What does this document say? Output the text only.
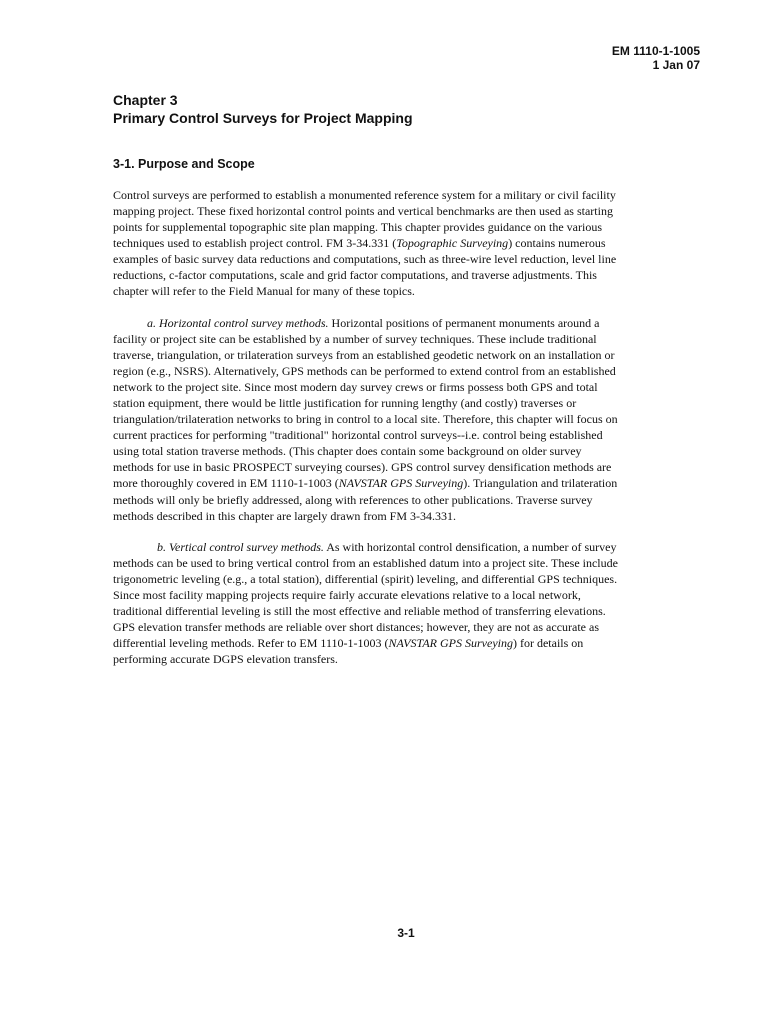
EM 1110-1-1005
1 Jan 07
Chapter 3
Primary Control Surveys for Project Mapping
3-1. Purpose and Scope
Control surveys are performed to establish a monumented reference system for a military or civil facility
mapping project. These fixed horizontal control points and vertical benchmarks are then used as starting
points for supplemental topographic site plan mapping. This chapter provides guidance on the various
techniques used to establish project control. FM 3-34.331 (Topographic Surveying) contains numerous
examples of basic survey data reductions and computations, such as three-wire level reduction, level line
reductions, c-factor computations, scale and grid factor computations, and traverse adjustments. This
chapter will refer to the Field Manual for many of these topics.
a. Horizontal control survey methods. Horizontal positions of permanent monuments around a
facility or project site can be established by a number of survey techniques. These include traditional
traverse, triangulation, or trilateration surveys from an established geodetic network on an installation or
region (e.g., NSRS). Alternatively, GPS methods can be performed to extend control from an established
network to the project site. Since most modern day survey crews or firms possess both GPS and total
station equipment, there would be little justification for running lengthy (and costly) traverses or
triangulation/trilateration networks to bring in control to a local site. Therefore, this chapter will focus on
current practices for performing "traditional" horizontal control surveys--i.e. control being established
using total station traverse methods. (This chapter does contain some background on older survey
methods for use in basic PROSPECT surveying courses). GPS control survey densification methods are
more thoroughly covered in EM 1110-1-1003 (NAVSTAR GPS Surveying). Triangulation and trilateration
methods will only be briefly addressed, along with references to other publications. Traverse survey
methods described in this chapter are largely drawn from FM 3-34.331.
b. Vertical control survey methods. As with horizontal control densification, a number of survey
methods can be used to bring vertical control from an established datum into a project site. These include
trigonometric leveling (e.g., a total station), differential (spirit) leveling, and differential GPS techniques.
Since most facility mapping projects require fairly accurate elevations relative to a local network,
traditional differential leveling is still the most effective and reliable method of transferring elevations.
GPS elevation transfer methods are reliable over short distances; however, they are not as accurate as
differential leveling methods. Refer to EM 1110-1-1003 (NAVSTAR GPS Surveying) for details on
performing accurate DGPS elevation transfers.
3-1
